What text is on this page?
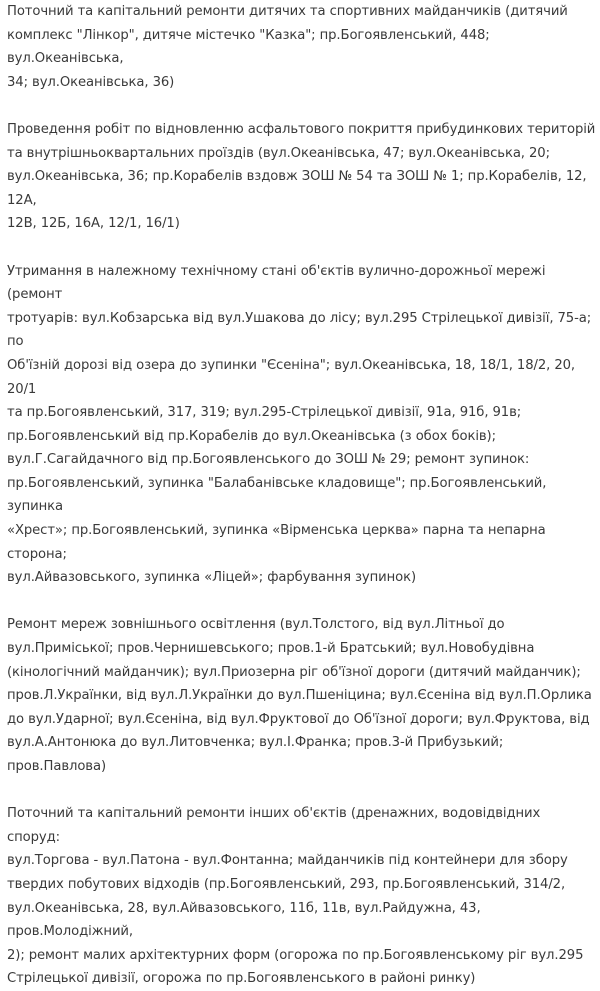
Поточний та капітальний ремонти дитячих та спортивних майданчиків (дитячий
комплекс "Лінкор", дитяче містечко "Казка"; пр.Богоявленський, 448; вул.Океанівська,
34; вул.Океанівська, 36)

Проведення робіт по відновленню асфальтового покриття прибудинкових територій
та внутрішньоквартальних проїздів (вул.Океанівська, 47; вул.Океанівська, 20;
вул.Океанівська, 36; пр.Корабелів вздовж ЗОШ № 54 та ЗОШ № 1; пр.Корабелів, 12, 12А,
12В, 12Б, 16А, 12/1, 16/1)

Утримання в належному технічному стані об'єктів вулично-дорожньої мережі (ремонт
тротуарів: вул.Кобзарська від вул.Ушакова до лісу; вул.295 Стрілецької дивізії, 75-а; по
Об'їзній дорозі від озера до зупинки "Єсеніна"; вул.Океанівська, 18, 18/1, 18/2, 20, 20/1
та пр.Богоявленський, 317, 319; вул.295-Стрілецької дивізії, 91а, 91б, 91в;
пр.Богоявленський від пр.Корабелів до вул.Океанівська (з обох боків);
вул.Г.Сагайдачного від пр.Богоявленського до ЗОШ № 29; ремонт зупинок:
пр.Богоявленський, зупинка "Балабанівське кладовище"; пр.Богоявленський, зупинка
«Хрест»; пр.Богоявленський, зупинка «Вірменська церква» парна та непарна сторона;
вул.Айвазовського, зупинка «Ліцей»; фарбування зупинок)

Ремонт мереж зовнішнього освітлення (вул.Толстого, від вул.Літньої до
вул.Приміської; пров.Чернишевського; пров.1-й Братський; вул.Новобудівна
(кінологічний майданчик); вул.Приозерна ріг об'їзної дороги (дитячий майданчик);
пров.Л.Українки, від вул.Л.Українки до вул.Пшеніцина; вул.Єсеніна від вул.П.Орлика
до вул.Ударної; вул.Єсеніна, від вул.Фруктової до Об'їзної дороги; вул.Фруктова, від
вул.А.Антонюка до вул.Литовченка; вул.І.Франка; пров.3-й Прибузький; пров.Павлова)

Поточний та капітальний ремонти інших об'єктів (дренажних, водовідвідних споруд:
вул.Торгова - вул.Патона - вул.Фонтанна; майданчиків під контейнери для збору
твердих побутових відходів (пр.Богоявленський, 293, пр.Богоявленський, 314/2,
вул.Океанівська, 28, вул.Айвазовського, 11б, 11в, вул.Райдужна, 43, пров.Молодіжний,
2); ремонт малих архітектурних форм (огорожа по пр.Богоявленському ріг вул.295
Стрілецької дивізії, огорожа по пр.Богоявленського в районі ринку)
